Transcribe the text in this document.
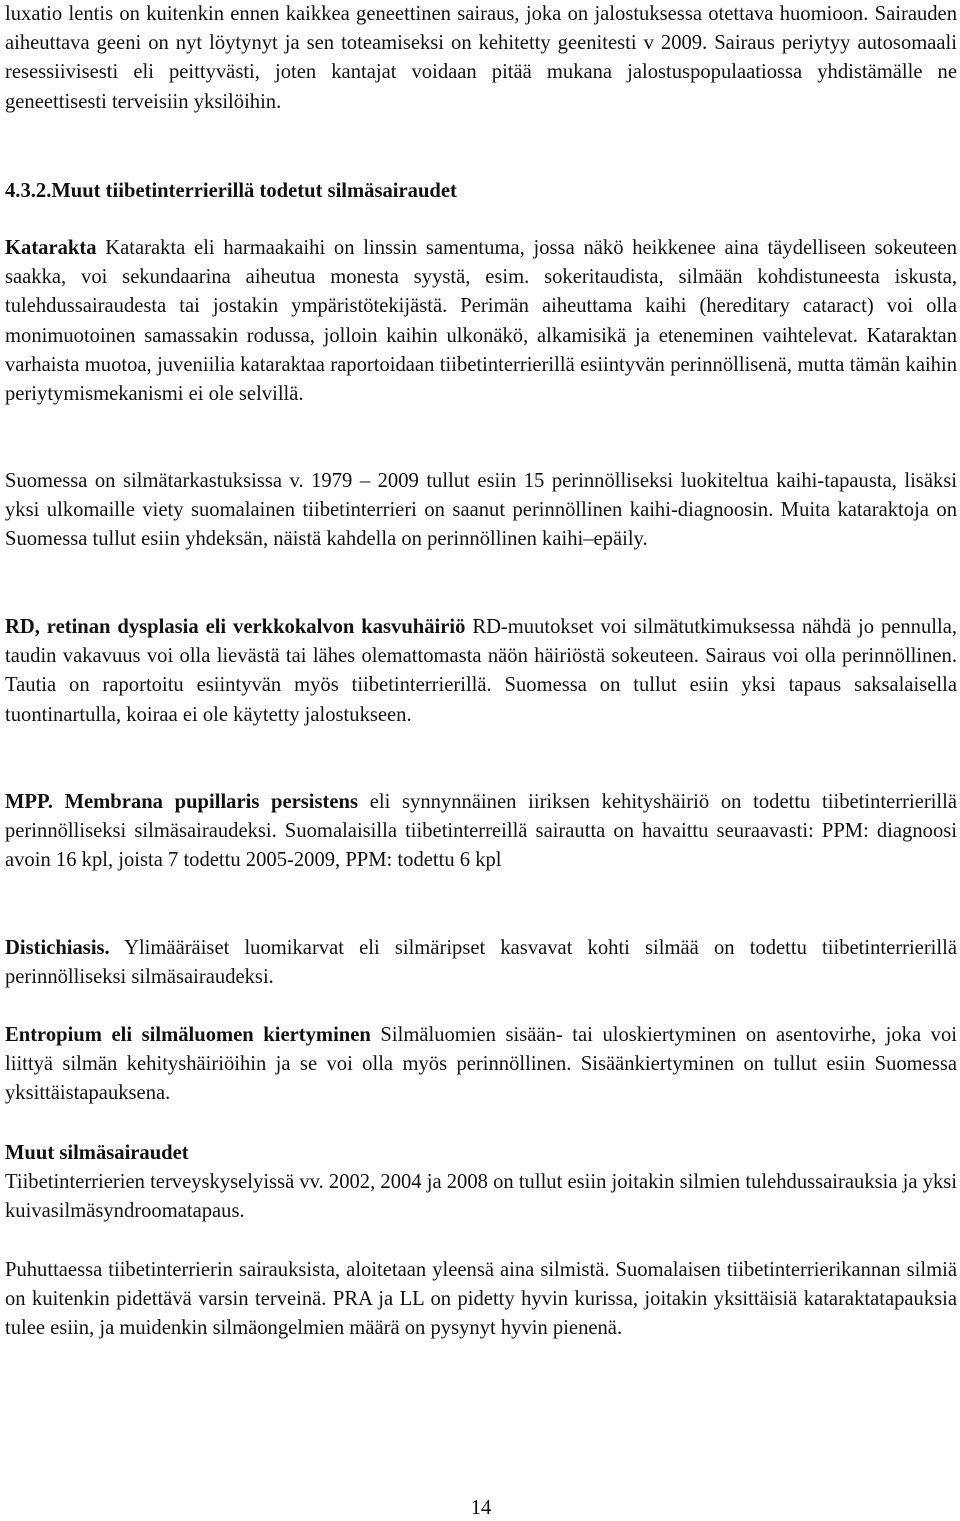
luxatio lentis on kuitenkin ennen kaikkea geneettinen sairaus, joka on jalostuksessa otettava huomioon. Sairauden aiheuttava geeni on nyt löytynyt ja sen toteamiseksi on kehitetty geenitesti v 2009. Sairaus periytyy autosomaali resessiivisesti eli peittyvästi, joten kantajat voidaan pitää mukana jalostuspopulaatiossa yhdistämälle ne geneettisesti terveisiin yksilöihin.

4.3.2.Muut tiibetinterrierillä todetut silmäsairaudet

Katarakta Katarakta eli harmaakaihi on linssin samentuma, jossa näkö heikkenee aina täydelliseen sokeuteen saakka, voi sekundaarina aiheutua monesta syystä, esim. sokeritaudista, silmään kohdistuneesta iskusta, tulehdussairaudesta tai jostakin ympäristötekijästä. Perimän aiheuttama kaihi (hereditary cataract) voi olla monimuotoinen samassakin rodussa, jolloin kaihin ulkonäkö, alkamisikä ja eteneminen vaihtelevat. Kataraktan varhaista muotoa, juveniilia kataraktaa raportoidaan tiibetinterrierillä esiintyvän perinnöllisenä, mutta tämän kaihin periytymismekanismi ei ole selvillä.

Suomessa on silmätarkastuksissa v. 1979 – 2009 tullut esiin 15 perinnölliseksi luokiteltua kaihi-tapausta, lisäksi yksi ulkomaille viety suomalainen tiibetinterrieri on saanut perinnöllinen kaihi-diagnoosin. Muita kataraktoja on Suomessa tullut esiin yhdeksän, näistä kahdella on perinnöllinen kaihi–epäily.

RD, retinan dysplasia eli verkkokalvon kasvuhäiriö RD-muutokset voi silmätutkimuksessa nähdä jo pennulla, taudin vakavuus voi olla lievästä tai lähes olemattomasta näön häiriöstä sokeuteen. Sairaus voi olla perinnöllinen. Tautia on raportoitu esiintyvän myös tiibetinterrierillä. Suomessa on tullut esiin yksi tapaus saksalaisella tuontinartulla, koiraa ei ole käytetty jalostukseen.

MPP. Membrana pupillaris persistens eli synnynnäinen iiriksen kehityshäiriö on todettu tiibetinterrierillä perinnölliseksi silmäsairaudeksi. Suomalaisilla tiibetinterreillä sairautta on havaittu seuraavasti: PPM: diagnoosi avoin 16 kpl, joista 7 todettu 2005-2009, PPM: todettu 6 kpl

Distichiasis. Ylimääräiset luomikarvat eli silmäripset kasvavat kohti silmää on todettu tiibetinterrierillä perinnölliseksi silmäsairaudeksi.

Entropium eli silmäluomen kiertyminen Silmäluomien sisään- tai uloskiertyminen on asentovirhe, joka voi liittyä silmän kehityshäiriöihin ja se voi olla myös perinnöllinen. Sisäänkiertyminen on tullut esiin Suomessa yksittäistapauksena.

Muut silmäsairaudet

Tiibetinterrierien terveyskyselyissä vv. 2002, 2004 ja 2008 on tullut esiin joitakin silmien tulehdussairauksia ja yksi kuivasilmäsyndroomatapaus.

Puhuttaessa tiibetinterrierin sairauksista, aloitetaan yleensä aina silmistä. Suomalaisen tiibetinterrierikannan silmiä on kuitenkin pidettävä varsin terveinä. PRA ja LL on pidetty hyvin kurissa, joitakin yksittäisiä kataraktatapauksia tulee esiin, ja muidenkin silmäongelmien määrä on pysynyt hyvin pienenä.

14
